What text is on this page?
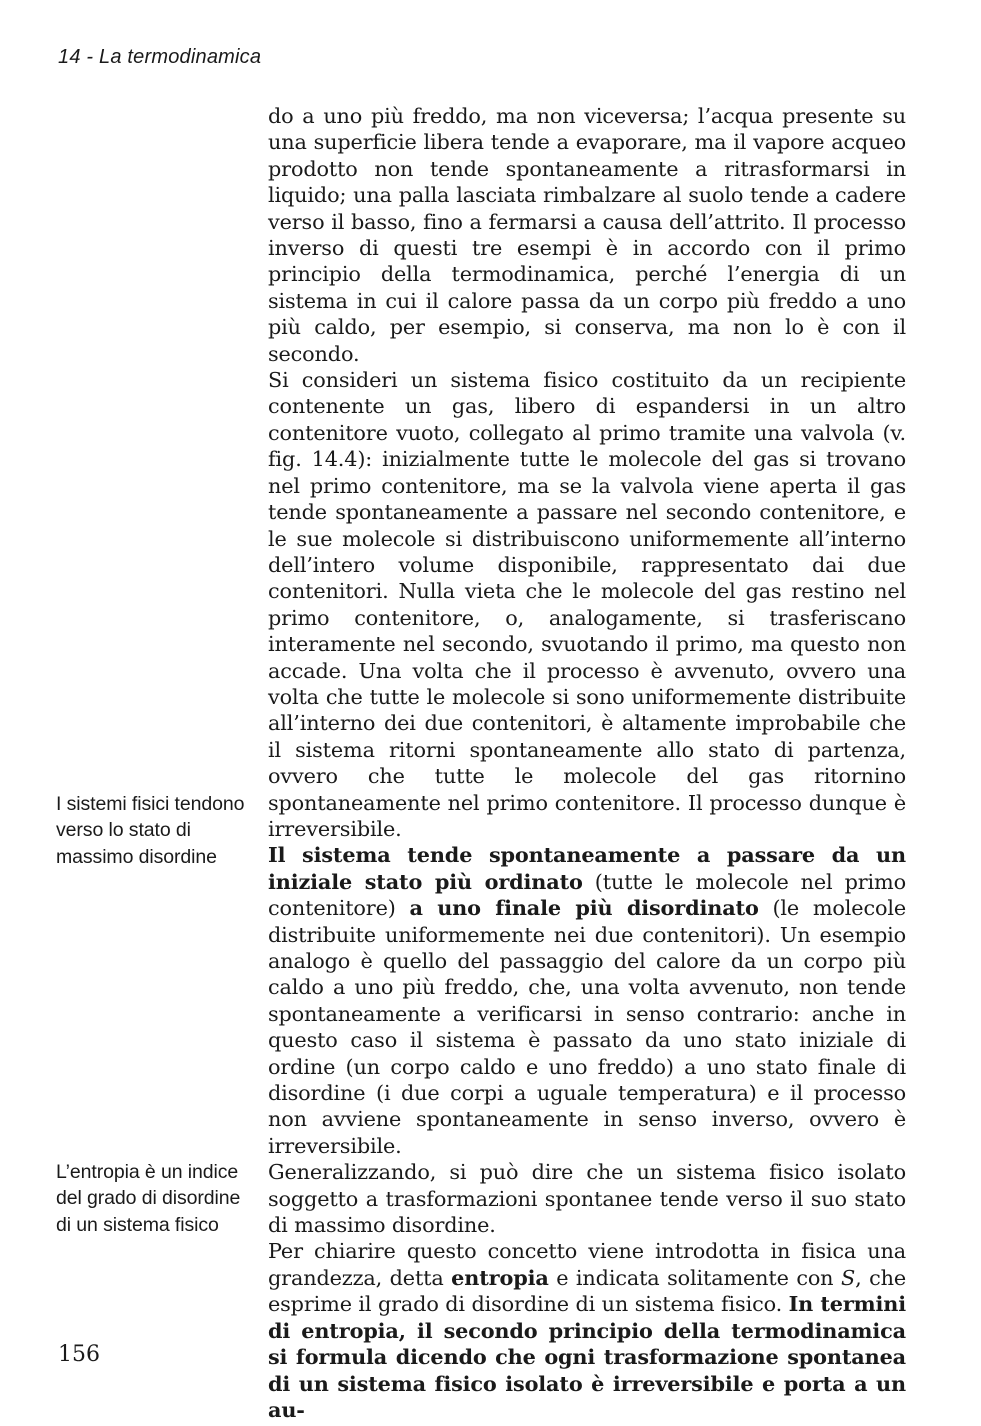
14 - La termodinamica
I sistemi fisici tendono verso lo stato di massimo disordine
L’entropia è un indice del grado di disordine di un sistema fisico

do a uno più freddo, ma non viceversa; l’acqua presente su una superficie libera tende a evaporare, ma il vapore acqueo prodotto non tende spontaneamente a ritrasformarsi in liquido; una palla lasciata rimbalzare al suolo tende a cadere verso il basso, fino a fermarsi a causa dell’attrito. Il processo inverso di questi tre esempi è in accordo con il primo principio della termodinamica, perché l’energia di un sistema in cui il calore passa da un corpo più freddo a uno più caldo, per esempio, si conserva, ma non lo è con il secondo.

Si consideri un sistema fisico costituito da un recipiente contenente un gas, libero di espandersi in un altro contenitore vuoto, collegato al primo tramite una valvola (v. fig. 14.4): inizialmente tutte le molecole del gas si trovano nel primo contenitore, ma se la valvola viene aperta il gas tende spontaneamente a passare nel secondo contenitore, e le sue molecole si distribuiscono uniformemente all’interno dell’intero volume disponibile, rappresentato dai due contenitori. Nulla vieta che le molecole del gas restino nel primo contenitore, o, analogamente, si trasferiscano interamente nel secondo, svuotando il primo, ma questo non accade. Una volta che il processo è avvenuto, ovvero una volta che tutte le molecole si sono uniformemente distribuite all’interno dei due contenitori, è altamente improbabile che il sistema ritorni spontaneamente allo stato di partenza, ovvero che tutte le molecole del gas ritornino spontaneamente nel primo contenitore. Il processo dunque è irreversibile.

Il sistema tende spontaneamente a passare da un iniziale stato più ordinato (tutte le molecole nel primo contenitore) a uno finale più disordinato (le molecole distribuite uniformemente nei due contenitori). Un esempio analogo è quello del passaggio del calore da un corpo più caldo a uno più freddo, che, una volta avvenuto, non tende spontaneamente a verificarsi in senso contrario: anche in questo caso il sistema è passato da uno stato iniziale di ordine (un corpo caldo e uno freddo) a uno stato finale di disordine (i due corpi a uguale temperatura) e il processo non avviene spontaneamente in senso inverso, ovvero è irreversibile.

Generalizzando, si può dire che un sistema fisico isolato soggetto a trasformazioni spontanee tende verso il suo stato di massimo disordine.

Per chiarire questo concetto viene introdotta in fisica una grandezza, detta entropia e indicata solitamente con S, che esprime il grado di disordine di un sistema fisico. In termini di entropia, il secondo principio della termodinamica si formula dicendo che ogni trasformazione spontanea di un sistema fisico isolato è irreversibile e porta a un au-

156
